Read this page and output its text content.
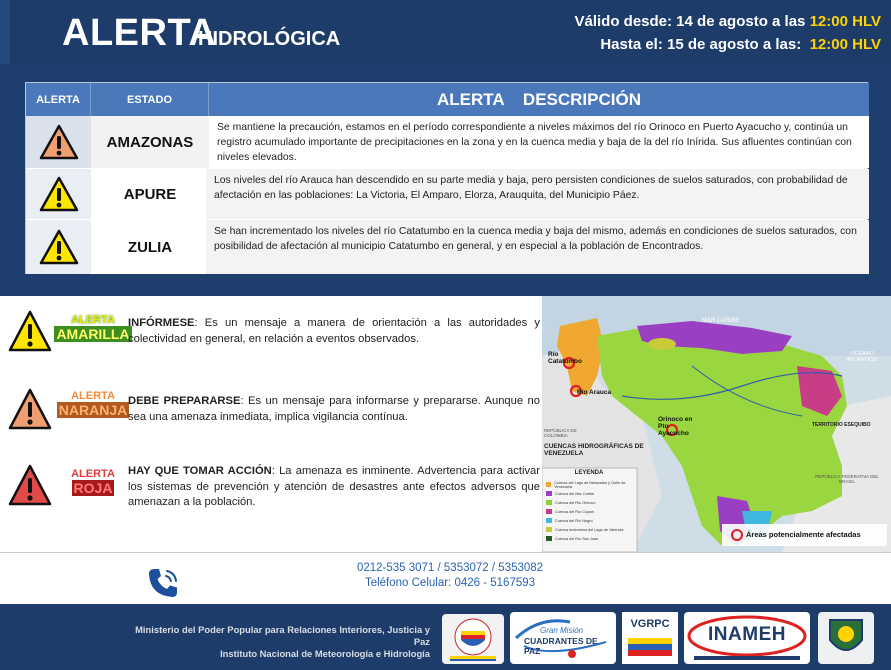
ALERTA
HIDROLÓGICA
Válido desde: 14 de agosto a las 12:00 HLV
Hasta el: 15 de agosto a las: 12:00 HLV
ALERTA	ESTADO	ALERTA    DESCRIPCIÓN
AMAZONAS
Se mantiene la precaución, estamos en el período correspondiente a niveles máximos del río Orinoco en Puerto Ayacucho y, continúa un registro acumulado importante de precipitaciones en la zona y en la cuenca media y baja de la del río Inírida. Sus afluentes continúan con niveles elevados.
APURE
Los niveles del río Arauca han descendido en su parte media y baja, pero persisten condiciones de suelos saturados, con probabilidad de afectación en las poblaciones: La Victoria, El Amparo, Elorza, Arauquita, del Municipio Páez.
ZULIA
Se han incrementado los niveles del río Catatumbo en la cuenca media y baja del mismo, además en condiciones de suelos saturados, con posibilidad de afectación al municipio Catatumbo en general, y en especial a la población de Encontrados.
ALERTA
AMARILLA
INFÓRMESE: Es un mensaje a manera de orientación a las autoridades y colectividad en general, en relación a eventos observados.
ALERTA
NARANJA
DEBE PREPARARSE: Es un mensaje para informarse y prepararse. Aunque no sea una amenaza inmediata, implica vigilancia contínua.
ALERTA
ROJA
HAY QUE TOMAR ACCIÓN: La amenaza es inminente. Advertencia para activar los sistemas de prevención y atención de desastres ante efectos adversos que amenazan a la población.
MAR CARIBE
OCÉANO ATLÁNTICO
REPÚBLICA DE COLOMBIA
REPÚBLICA FEDERATIVA DEL BRASIL
TERRITORIO ESEQUIBO
CUENCAS HIDROGRÁFICAS DE VENEZUELA
Río Catatumbo
Río Arauca
Orinoco en Pto Ayacucho
LEYENDA
Cuenca del Lago de Maracaibo y Golfo de Venezuela
Cuenca del Mar Caribe
Cuenca del Río Orinoco
Cuenca del Río Cuyuní
Cuenca del Río Negro
Cuenca endorreica del Lago de Valencia
Cuenca del Río San Juan	Áreas potencialmente afectadas
0212-535 3071 / 5353072 / 5353082
Teléfono Celular: 0426 - 5167593
Ministerio del Poder Popular para Relaciones Interiores, Justicia y Paz
Instituto Nacional de Meteorología e Hidrología
Gran Misión
CUADRANTES DE PAZ
VGRPC	INAMEH
